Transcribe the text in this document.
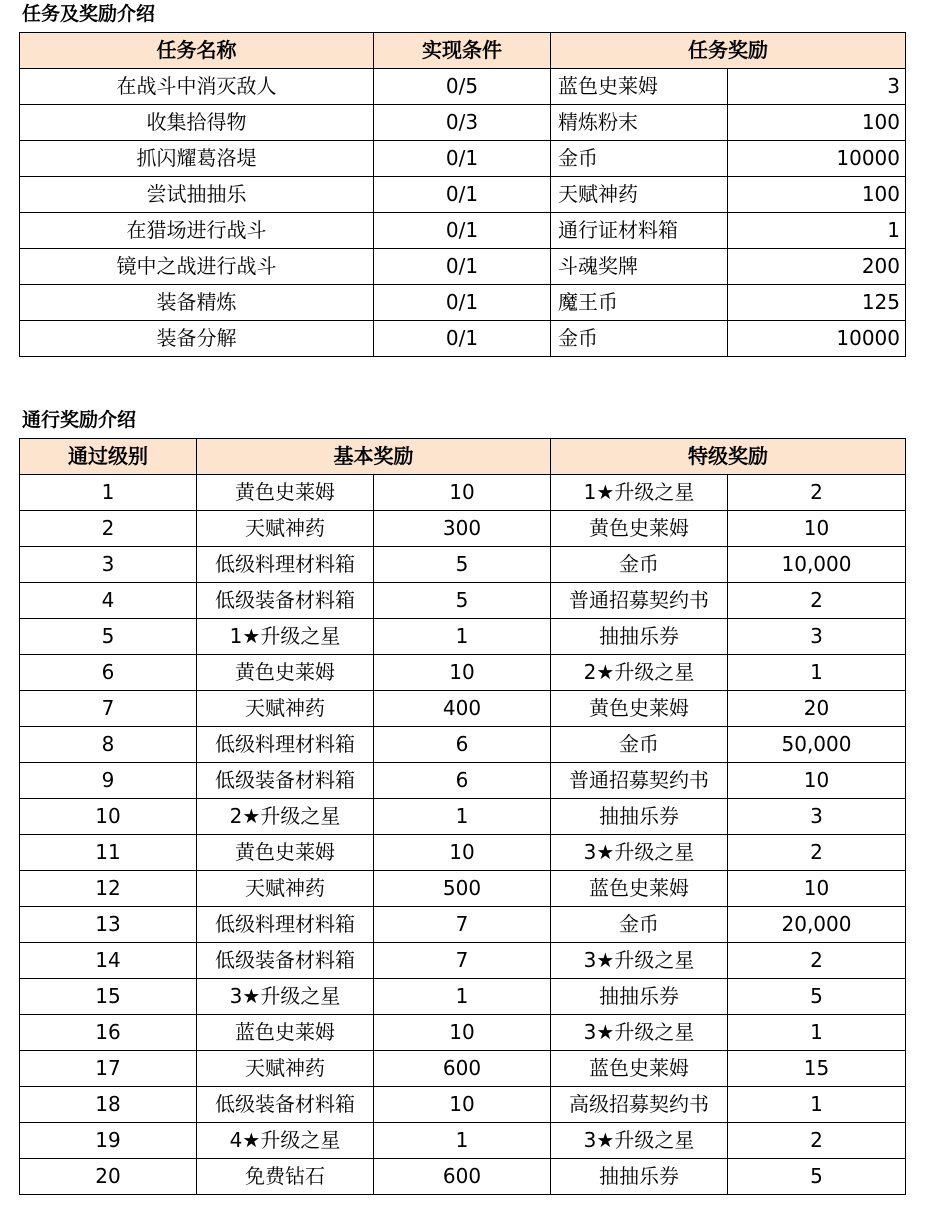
任务及奖励介绍
任务名称	实现条件	任务奖励	
在战斗中消灭敌人	0/5	蓝色史莱姆	3
收集拾得物	0/3	精炼粉末	100
抓闪耀葛洛堤	0/1	金币	10000
尝试抽抽乐	0/1	天赋神药	100
在猎场进行战斗	0/1	通行证材料箱	1
镜中之战进行战斗	0/1	斗魂奖牌	200
装备精炼	0/1	魔王币	125
装备分解	0/1	金币	10000
通行奖励介绍
通过级别	基本奖励		特级奖励	
1	黄色史莱姆	10	1★升级之星	2
2	天赋神药	300	黄色史莱姆	10
3	低级料理材料箱	5	金币	10,000
4	低级装备材料箱	5	普通招募契约书	2
5	1★升级之星	1	抽抽乐券	3
6	黄色史莱姆	10	2★升级之星	1
7	天赋神药	400	黄色史莱姆	20
8	低级料理材料箱	6	金币	50,000
9	低级装备材料箱	6	普通招募契约书	10
10	2★升级之星	1	抽抽乐券	3
11	黄色史莱姆	10	3★升级之星	2
12	天赋神药	500	蓝色史莱姆	10
13	低级料理材料箱	7	金币	20,000
14	低级装备材料箱	7	3★升级之星	2
15	3★升级之星	1	抽抽乐券	5
16	蓝色史莱姆	10	3★升级之星	1
17	天赋神药	600	蓝色史莱姆	15
18	低级装备材料箱	10	高级招募契约书	1
19	4★升级之星	1	3★升级之星	2
20	免费钻石	600	抽抽乐券	5
